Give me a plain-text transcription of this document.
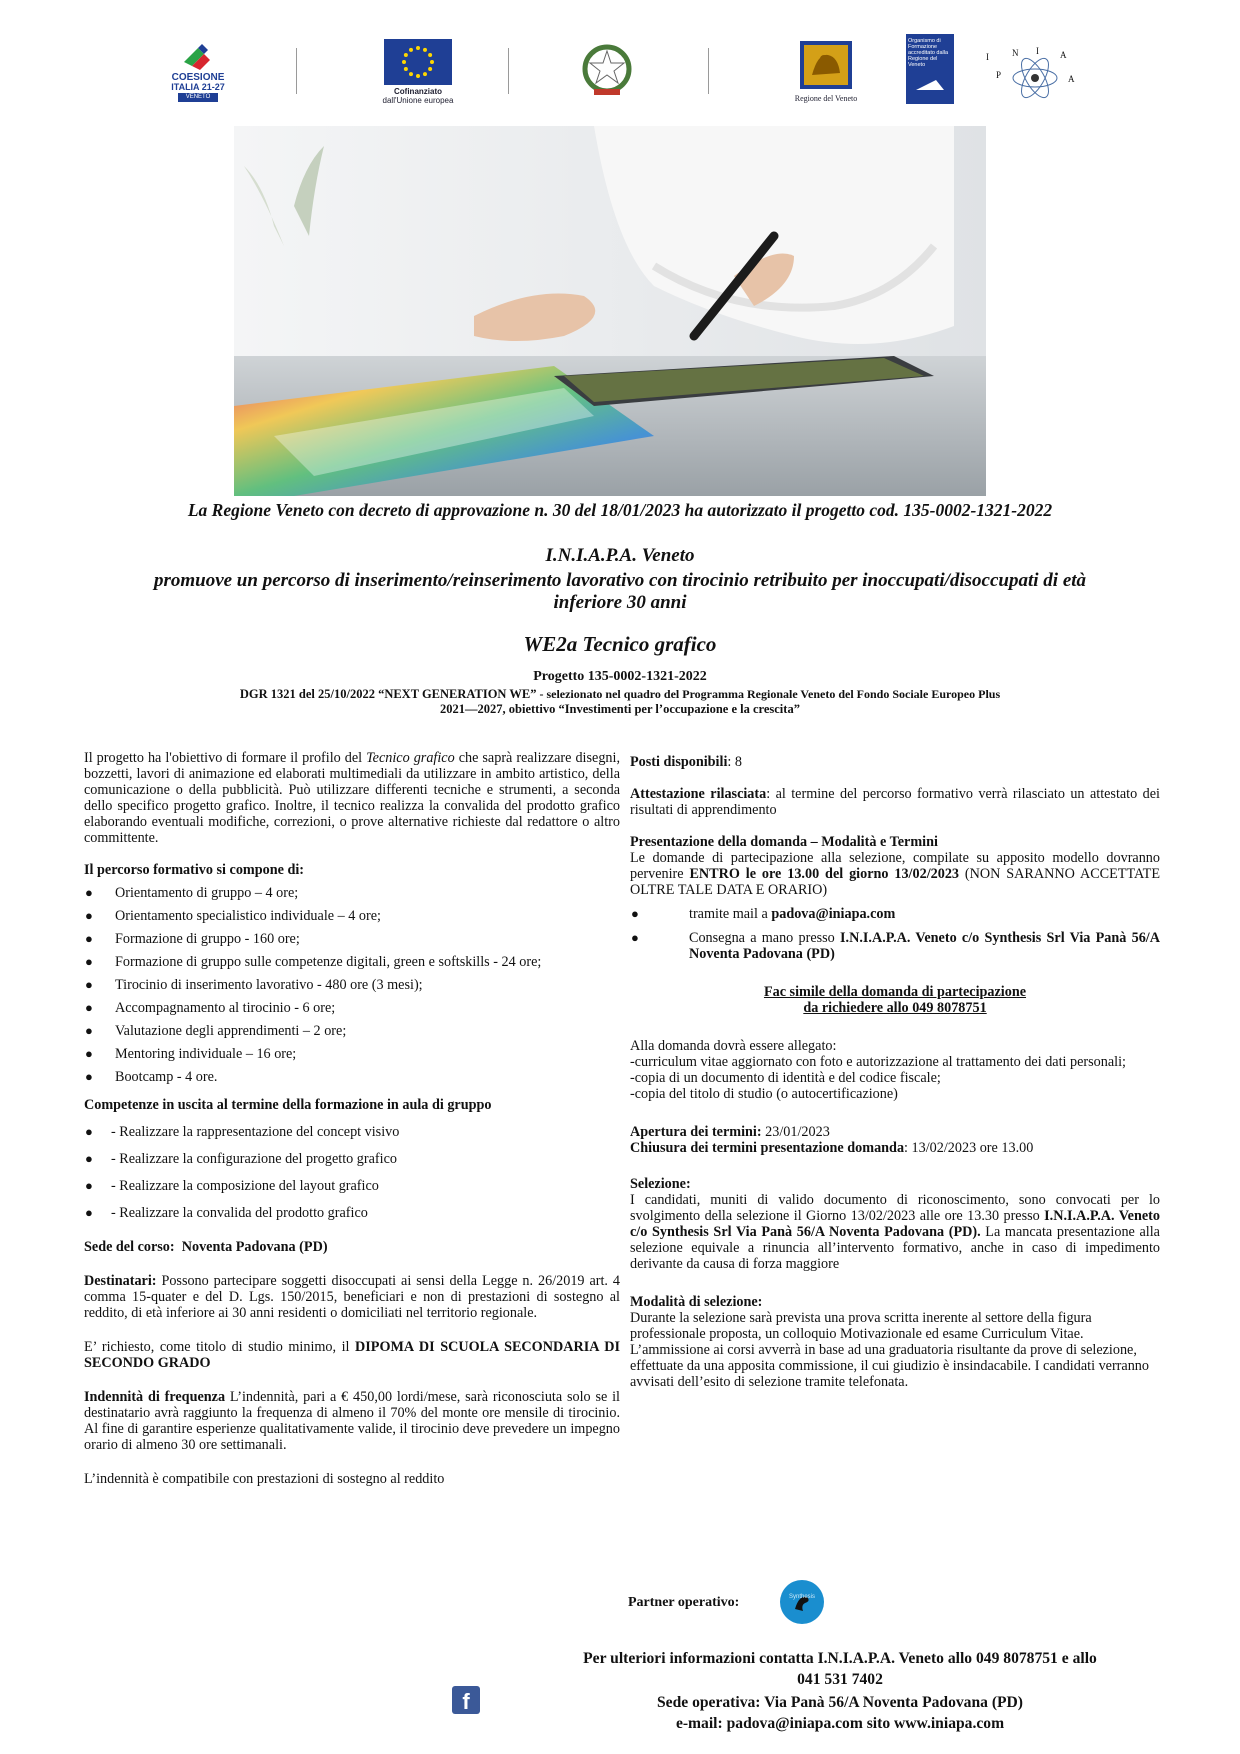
COESIONE
ITALIA 21-27
VENETO
Cofinanziato
dall'Unione europea	Regione del Veneto
Organismo di Formazione accreditato dalla Regione del Veneto
I	N I A
P	A
La Regione Veneto con decreto di approvazione n. 30 del 18/01/2023 ha autorizzato il progetto cod. 135-0002-1321-2022
I.N.I.A.P.A. Veneto
promuove un percorso di inserimento/reinserimento lavorativo con tirocinio retribuito per inoccupati/disoccupati di età
inferiore 30 anni
WE2a Tecnico grafico
Progetto 135-0002-1321-2022
DGR 1321 del 25/10/2022 “NEXT GENERATION WE” - selezionato nel quadro del Programma Regionale Veneto del Fondo Sociale Europeo Plus
2021—2027, obiettivo “Investimenti per l’occupazione e la crescita”

Il progetto ha l'obiettivo di formare il profilo del Tecnico grafico che saprà realizzare disegni, bozzetti, lavori di animazione ed elaborati multimediali da utilizzare in ambito artistico, della comunicazione o della pubblicità. Può utilizzare differenti tecniche e strumenti, a seconda dello specifico progetto grafico. Inoltre, il tecnico realizza la convalida del prodotto grafico elaborando eventuali modifiche, correzioni, o prove alternative richieste dal redattore o altro committente.

Il percorso formativo si compone di:

●	Orientamento di gruppo – 4 ore;
●	Orientamento specialistico individuale – 4 ore;
●	Formazione di gruppo - 160 ore;
●	Formazione di gruppo sulle competenze digitali, green e softskills - 24 ore;
●	Tirocinio di inserimento lavorativo - 480 ore (3 mesi);
●	Accompagnamento al tirocinio - 6 ore;
●	Valutazione degli apprendimenti – 2 ore;
●	Mentoring individuale – 16 ore;
●	Bootcamp - 4 ore.

Competenze in uscita al termine della formazione in aula di gruppo

●	- Realizzare la rappresentazione del concept visivo
●	- Realizzare la configurazione del progetto grafico
●	- Realizzare la composizione del layout grafico
●	- Realizzare la convalida del prodotto grafico

Sede del corso: Noventa Padovana (PD)

Destinatari: Possono partecipare soggetti disoccupati ai sensi della Legge n. 26/2019 art. 4 comma 15-quater e del D. Lgs. 150/2015, beneficiari e non di prestazioni di sostegno al reddito, di età inferiore ai 30 anni residenti o domiciliati nel territorio regionale.

E’ richiesto, come titolo di studio minimo, il DIPOMA DI SCUOLA SECONDARIA DI SECONDO GRADO

Indennità di frequenza L’indennità, pari a € 450,00 lordi/mese, sarà riconosciuta solo se il destinatario avrà raggiunto la frequenza di almeno il 70% del monte ore mensile di tirocinio. Al fine di garantire esperienze qualitativamente valide, il tirocinio deve prevedere un impegno orario di almeno 30 ore settimanali.

L’indennità è compatibile con prestazioni di sostegno al reddito

Posti disponibili: 8

Attestazione rilasciata: al termine del percorso formativo verrà rilasciato un attestato dei risultati di apprendimento

Presentazione della domanda – Modalità e Termini

Le domande di partecipazione alla selezione, compilate su apposito modello dovranno pervenire ENTRO le ore 13.00 del giorno 13/02/2023 (NON SARANNO ACCETTATE OLTRE TALE DATA E ORARIO)

●	tramite mail a padova@iniapa.com
●	Consegna a mano presso I.N.I.A.P.A. Veneto c/o Synthesis Srl Via Panà 56/A Noventa Padovana (PD)
Fac simile della domanda di partecipazione
da richiedere allo 049 8078751

Alla domanda dovrà essere allegato:

-curriculum vitae aggiornato con foto e autorizzazione al trattamento dei dati personali;

-copia di un documento di identità e del codice fiscale;

-copia del titolo di studio (o autocertificazione)

Apertura dei termini: 23/01/2023

Chiusura dei termini presentazione domanda: 13/02/2023 ore 13.00

Selezione:

I candidati, muniti di valido documento di riconoscimento, sono convocati per lo svolgimento della selezione il Giorno 13/02/2023 alle ore 13.30 presso I.N.I.A.P.A. Veneto c/o Synthesis Srl Via Panà 56/A Noventa Padovana (PD). La mancata presentazione alla selezione equivale a rinuncia all’intervento formativo, anche in caso di impedimento derivante da causa di forza maggiore

Modalità di selezione:

Durante la selezione sarà prevista una prova scritta inerente al settore della figura professionale proposta, un colloquio Motivazionale ed esame Curriculum Vitae. L’ammissione ai corsi avverrà in base ad una graduatoria risultante da prove di selezione, effettuate da una apposita commissione, il cui giudizio è insindacabile. I candidati verranno avvisati dell’esito di selezione tramite telefonata.

Partner operativo:	Synthesis
Per ulteriori informazioni contatta I.N.I.A.P.A. Veneto allo 049 8078751 e allo
041 531 7402
Sede operativa: Via Panà 56/A Noventa Padovana (PD)
e-mail: padova@iniapa.com sito www.iniapa.com
f
